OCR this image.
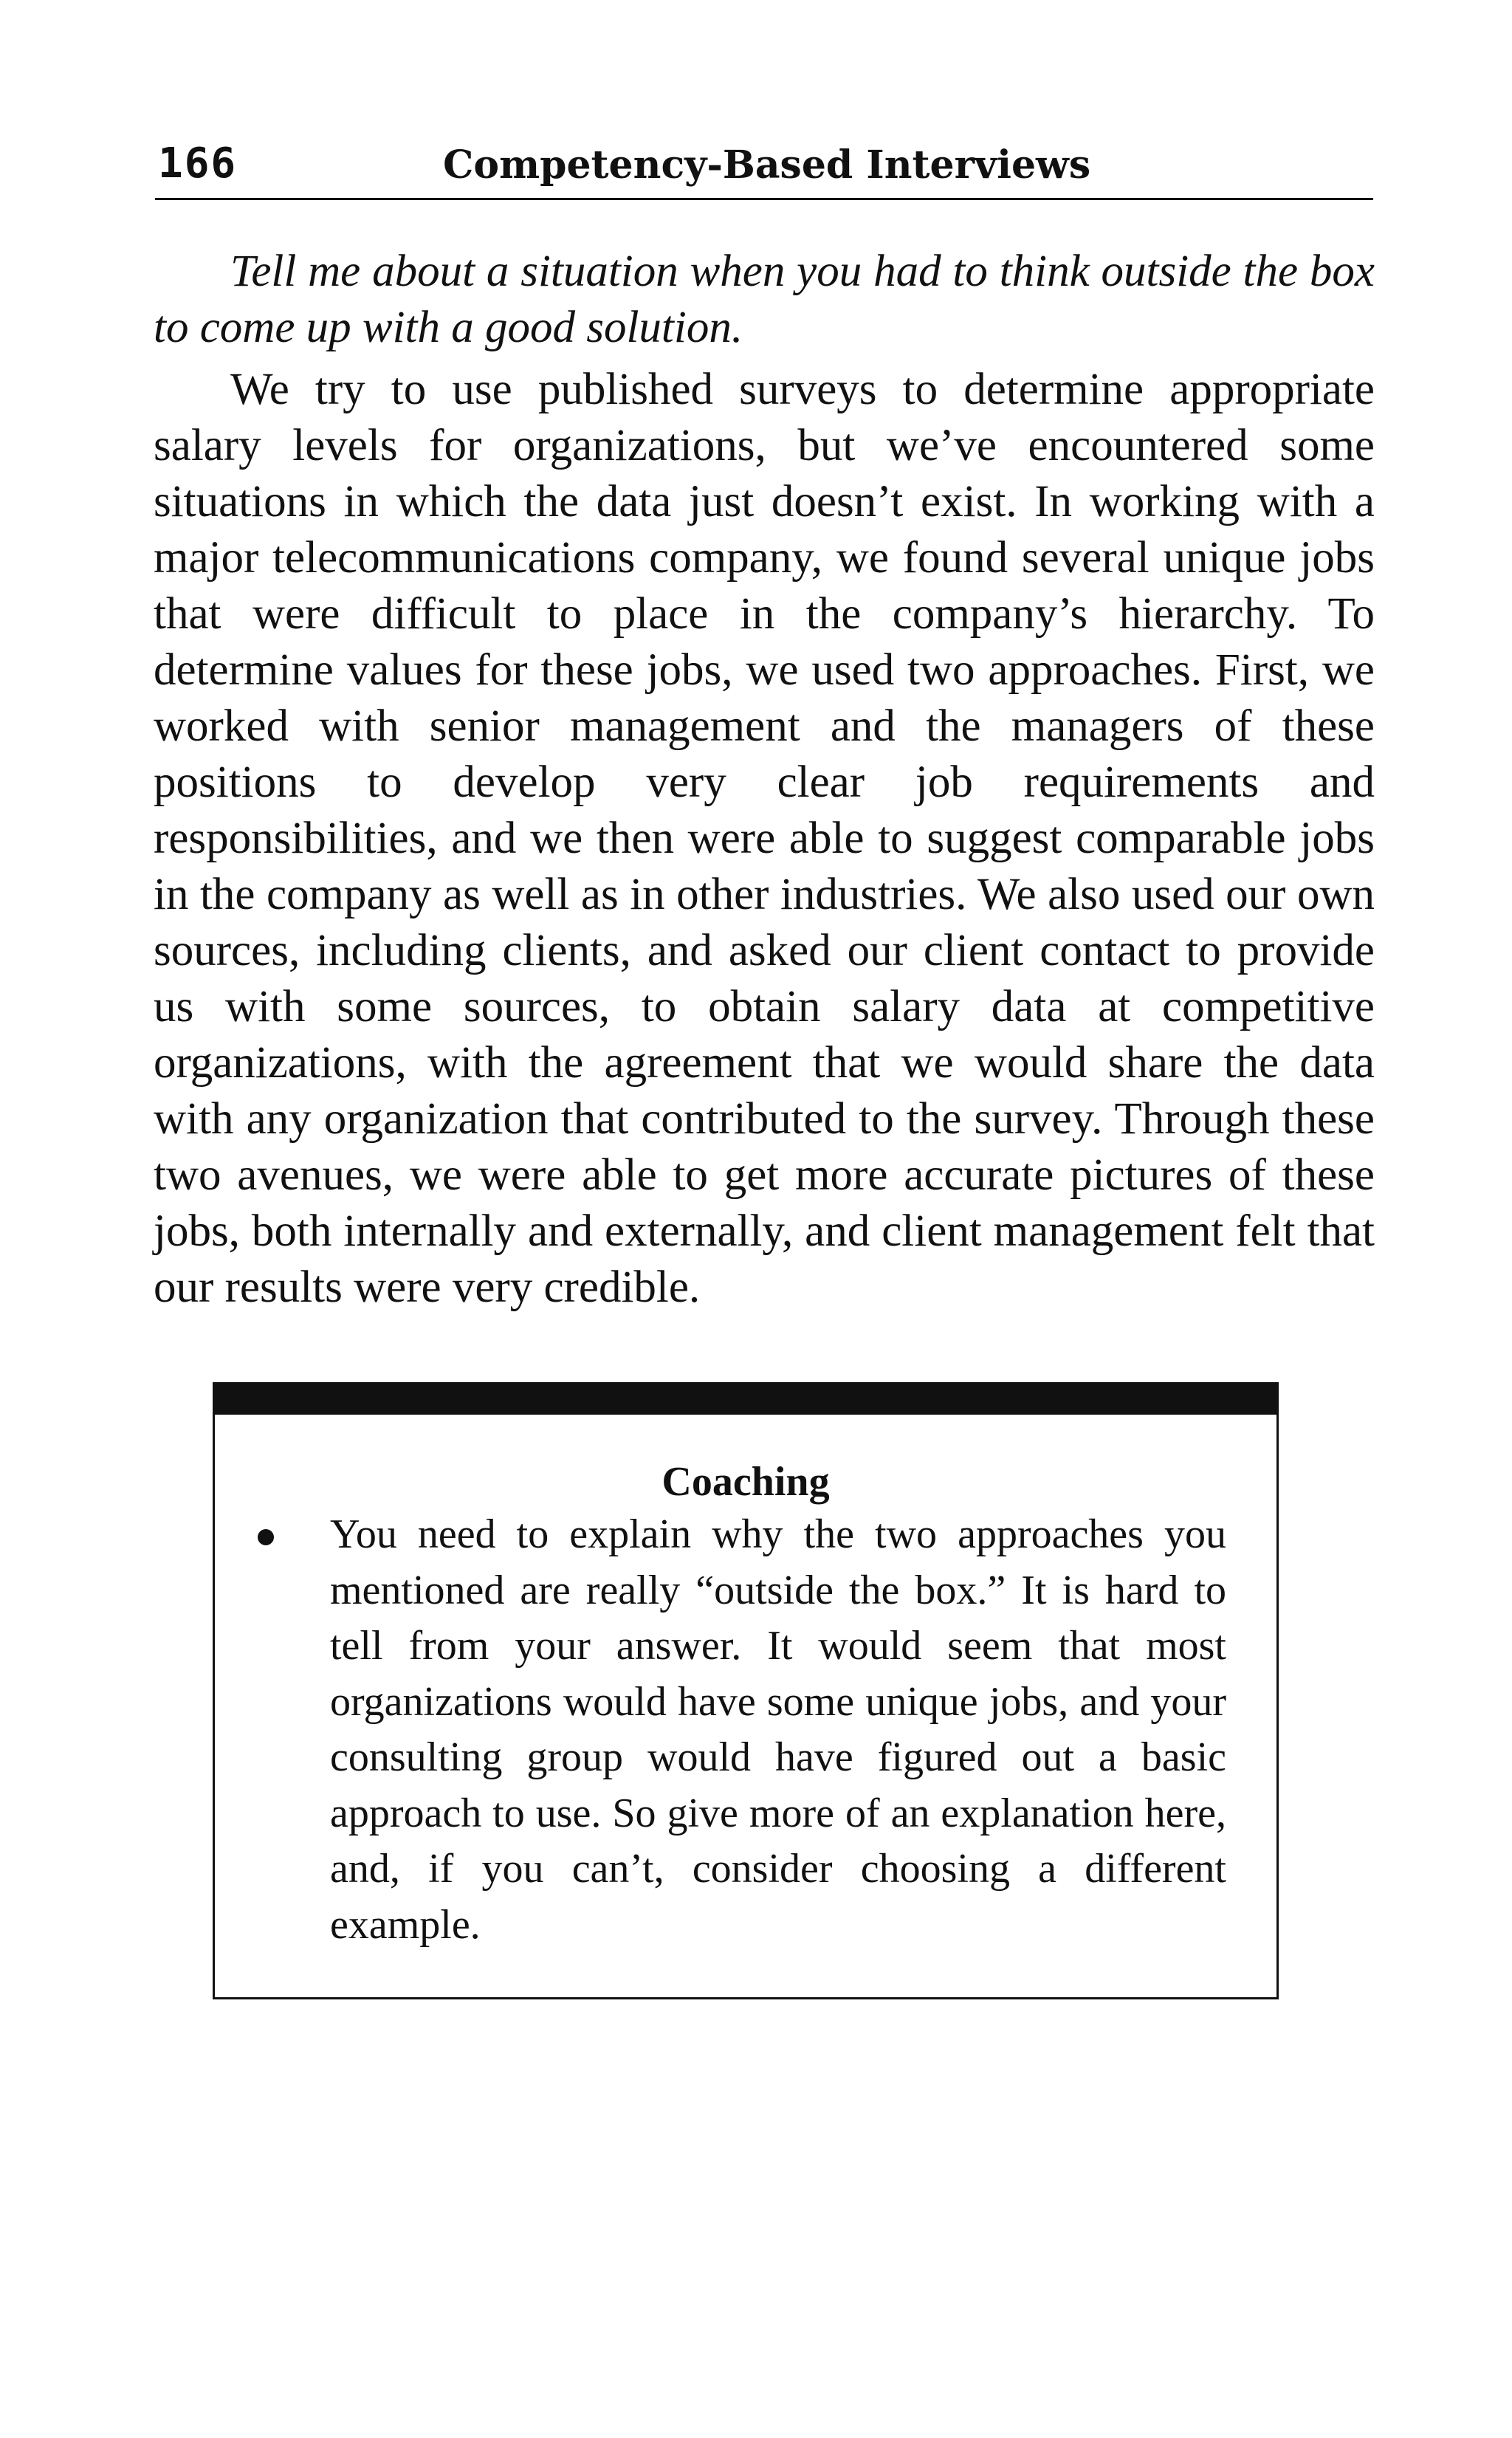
166	Competency-Based Interviews

Tell me about a situation when you had to think outside the box to come up with a good solution.

We try to use published surveys to determine appropriate salary levels for organizations, but we’ve encountered some situations in which the data just doesn’t exist. In working with a major telecommunications company, we found several unique jobs that were difficult to place in the company’s hierarchy. To determine values for these jobs, we used two approaches. First, we worked with senior management and the managers of these positions to develop very clear job requirements and responsibilities, and we then were able to suggest comparable jobs in the company as well as in other industries. We also used our own sources, including clients, and asked our client contact to provide us with some sources, to obtain salary data at competitive organizations, with the agreement that we would share the data with any organization that contributed to the survey. Through these two avenues, we were able to get more accurate pictures of these jobs, both internally and externally, and client management felt that our results were very credible.

Coaching

You need to explain why the two approaches you mentioned are really “outside the box.” It is hard to tell from your answer. It would seem that most organizations would have some unique jobs, and your consulting group would have figured out a basic approach to use. So give more of an explanation here, and, if you can’t, consider choosing a different example.
